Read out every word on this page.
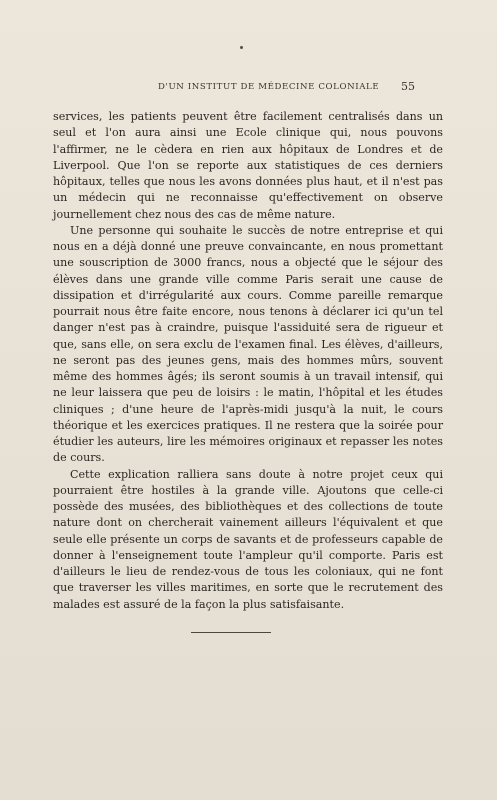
D'UN INSTITUT DE MÉDECINE COLONIALE 55

services, les patients peuvent être facilement centralisés dans un seul et l'on aura ainsi une Ecole clinique qui, nous pouvons l'affirmer, ne le cèdera en rien aux hôpitaux de Londres et de Liverpool. Que l'on se reporte aux statistiques de ces derniers hôpitaux, telles que nous les avons données plus haut, et il n'est pas un médecin qui ne reconnaisse qu'effectivement on observe journellement chez nous des cas de même nature.

Une personne qui souhaite le succès de notre entreprise et qui nous en a déjà donné une preuve convaincante, en nous promettant une souscription de 3000 francs, nous a objecté que le séjour des élèves dans une grande ville comme Paris serait une cause de dissipation et d'irrégularité aux cours. Comme pareille remarque pourrait nous être faite encore, nous tenons à déclarer ici qu'un tel danger n'est pas à craindre, puisque l'assiduité sera de rigueur et que, sans elle, on sera exclu de l'examen final. Les élèves, d'ailleurs, ne seront pas des jeunes gens, mais des hommes mûrs, souvent même des hommes âgés; ils seront soumis à un travail intensif, qui ne leur laissera que peu de loisirs : le matin, l'hôpital et les études cliniques ; d'une heure de l'après-midi jusqu'à la nuit, le cours théorique et les exercices pratiques. Il ne restera que la soirée pour étudier les auteurs, lire les mémoires originaux et repasser les notes de cours.

Cette explication ralliera sans doute à notre projet ceux qui pourraient être hostiles à la grande ville. Ajoutons que celle-ci possède des musées, des bibliothèques et des collections de toute nature dont on chercherait vainement ailleurs l'équivalent et que seule elle présente un corps de savants et de professeurs capable de donner à l'enseignement toute l'ampleur qu'il comporte. Paris est d'ailleurs le lieu de rendez-vous de tous les coloniaux, qui ne font que traverser les villes maritimes, en sorte que le recrutement des malades est assuré de la façon la plus satisfaisante.
